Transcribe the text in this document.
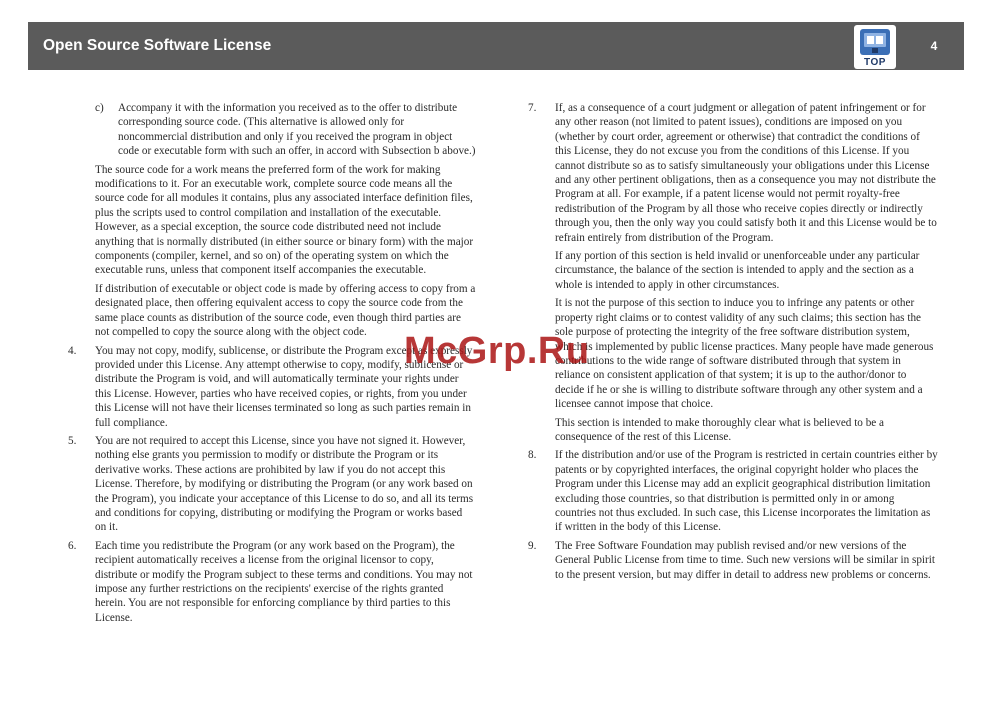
Open Source Software License
TOP
4
c) Accompany it with the information you received as to the offer to distribute corresponding source code. (This alternative is allowed only for noncommercial distribution and only if you received the program in object code or executable form with such an offer, in accord with Subsection b above.)

The source code for a work means the preferred form of the work for making modifications to it. For an executable work, complete source code means all the source code for all modules it contains, plus any associated interface definition files, plus the scripts used to control compilation and installation of the executable. However, as a special exception, the source code distributed need not include anything that is normally distributed (in either source or binary form) with the major components (compiler, kernel, and so on) of the operating system on which the executable runs, unless that component itself accompanies the executable.

If distribution of executable or object code is made by offering access to copy from a designated place, then offering equivalent access to copy the source code from the same place counts as distribution of the source code, even though third parties are not compelled to copy the source along with the object code.

4. You may not copy, modify, sublicense, or distribute the Program except as expressly provided under this License. Any attempt otherwise to copy, modify, sublicense or distribute the Program is void, and will automatically terminate your rights under this License. However, parties who have received copies, or rights, from you under this License will not have their licenses terminated so long as such parties remain in full compliance.
5. You are not required to accept this License, since you have not signed it. However, nothing else grants you permission to modify or distribute the Program or its derivative works. These actions are prohibited by law if you do not accept this License. Therefore, by modifying or distributing the Program (or any work based on the Program), you indicate your acceptance of this License to do so, and all its terms and conditions for copying, distributing or modifying the Program or works based on it.
6. Each time you redistribute the Program (or any work based on the Program), the recipient automatically receives a license from the original licensor to copy, distribute or modify the Program subject to these terms and conditions. You may not impose any further restrictions on the recipients' exercise of the rights granted herein. You are not responsible for enforcing compliance by third parties to this License.
7. If, as a consequence of a court judgment or allegation of patent infringement or for any other reason (not limited to patent issues), conditions are imposed on you (whether by court order, agreement or otherwise) that contradict the conditions of this License, they do not excuse you from the conditions of this License. If you cannot distribute so as to satisfy simultaneously your obligations under this License and any other pertinent obligations, then as a consequence you may not distribute the Program at all. For example, if a patent license would not permit royalty-free redistribution of the Program by all those who receive copies directly or indirectly through you, then the only way you could satisfy both it and this License would be to refrain entirely from distribution of the Program.

If any portion of this section is held invalid or unenforceable under any particular circumstance, the balance of the section is intended to apply and the section as a whole is intended to apply in other circumstances.

It is not the purpose of this section to induce you to infringe any patents or other property right claims or to contest validity of any such claims; this section has the sole purpose of protecting the integrity of the free software distribution system, which is implemented by public license practices. Many people have made generous contributions to the wide range of software distributed through that system in reliance on consistent application of that system; it is up to the author/donor to decide if he or she is willing to distribute software through any other system and a licensee cannot impose that choice.

This section is intended to make thoroughly clear what is believed to be a consequence of the rest of this License.

8. If the distribution and/or use of the Program is restricted in certain countries either by patents or by copyrighted interfaces, the original copyright holder who places the Program under this License may add an explicit geographical distribution limitation excluding those countries, so that distribution is permitted only in or among countries not thus excluded. In such case, this License incorporates the limitation as if written in the body of this License.
9. The Free Software Foundation may publish revised and/or new versions of the General Public License from time to time. Such new versions will be similar in spirit to the present version, but may differ in detail to address new problems or concerns.
McGrp.Ru
